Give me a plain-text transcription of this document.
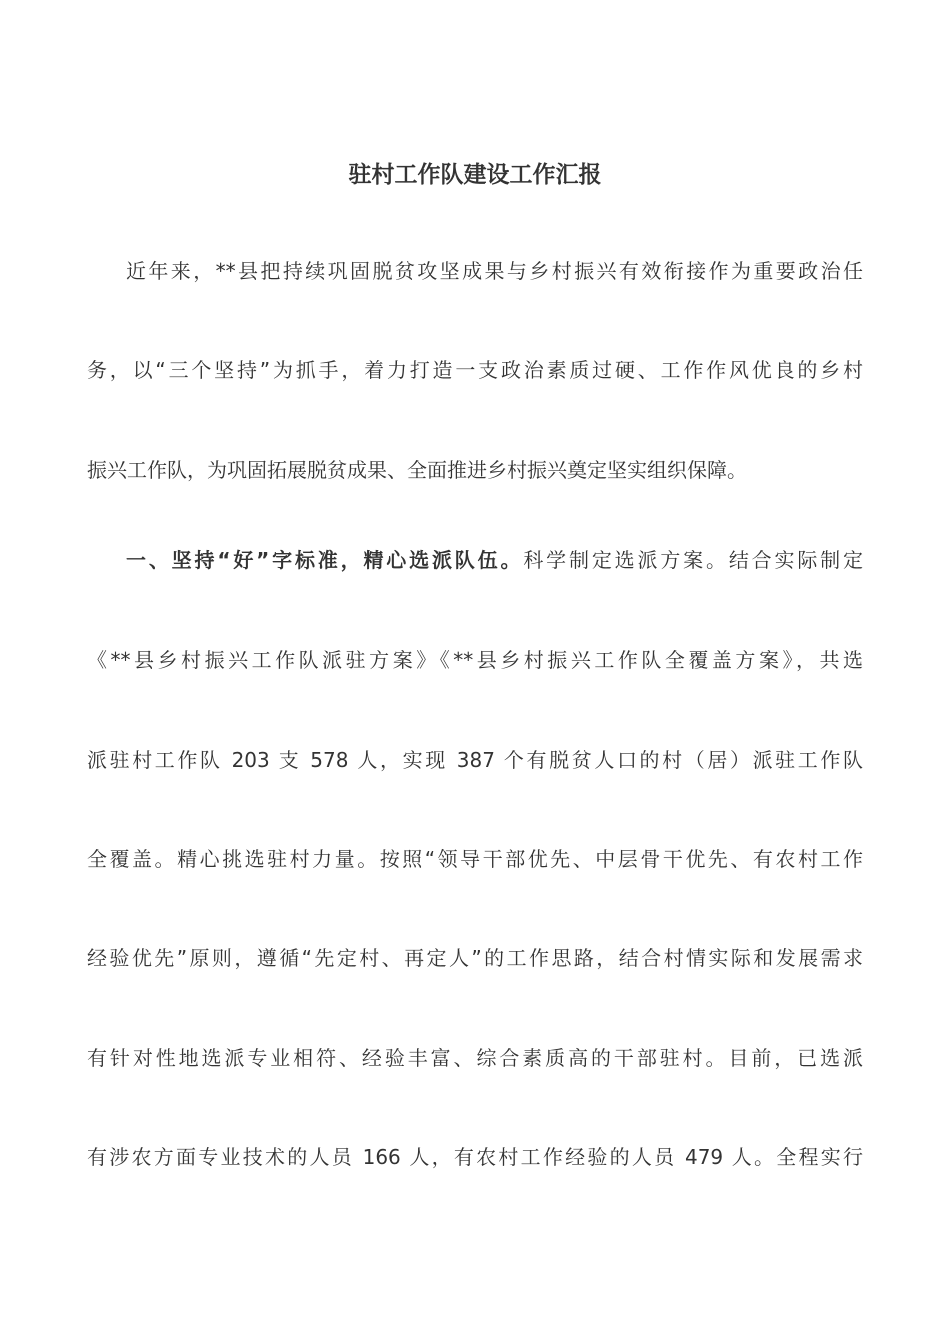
驻村工作队建设工作汇报
近年来，**县把持续巩固脱贫攻坚成果与乡村振兴有效衔接作为重要政治任
务，以“三个坚持”为抓手，着力打造一支政治素质过硬、工作作风优良的乡村
振兴工作队，为巩固拓展脱贫成果、全面推进乡村振兴奠定坚实组织保障。
一、坚持“好”字标准，精心选派队伍。科学制定选派方案。结合实际制定
《**县乡村振兴工作队派驻方案》《**县乡村振兴工作队全覆盖方案》，共选
派驻村工作队 203 支 578 人，实现 387 个有脱贫人口的村（居）派驻工作队
全覆盖。精心挑选驻村力量。按照“领导干部优先、中层骨干优先、有农村工作
经验优先”原则，遵循“先定村、再定人”的工作思路，结合村情实际和发展需求
有针对性地选派专业相符、经验丰富、综合素质高的干部驻村。目前，已选派
有涉农方面专业技术的人员 166 人，有农村工作经验的人员 479 人。全程实行
